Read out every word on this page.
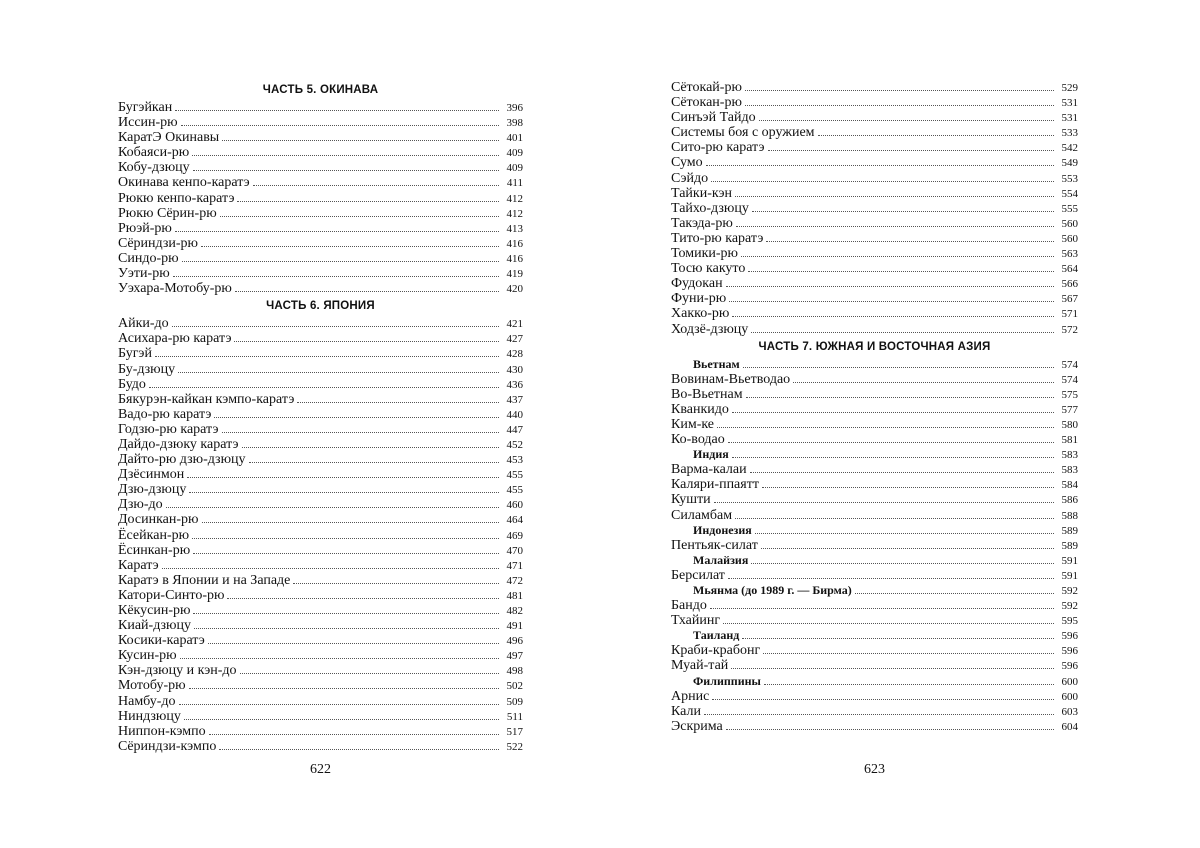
ЧАСТЬ 5. ОКИНАВА
Бугэйкан	396
Иссин-рю	398
КаратЭ Окинавы	401
Кобаяси-рю	409
Кобу-дзюцу	409
Окинава кенпо-каратэ	411
Рюкю кенпо-каратэ	412
Рюкю Сёрин-рю	412
Рюэй-рю	413
Сёриндзи-рю	416
Синдо-рю	416
Уэти-рю	419
Уэхара-Мотобу-рю	420
ЧАСТЬ 6. ЯПОНИЯ
Айки-до	421
Асихара-рю каратэ	427
Бугэй	428
Бу-дзюцу	430
Будо	436
Бякурэн-кайкан кэмпо-каратэ	437
Вадо-рю каратэ	440
Годзю-рю каратэ	447
Дайдо-дзюку каратэ	452
Дайто-рю дзю-дзюцу	453
Дзёсинмон	455
Дзю-дзюцу	455
Дзю-до	460
Досинкан-рю	464
Ёсейкан-рю	469
Ёсинкан-рю	470
Каратэ	471
Каратэ в Японии и на Западе	472
Катори-Синто-рю	481
Кёкусин-рю	482
Киай-дзюцу	491
Косики-каратэ	496
Кусин-рю	497
Кэн-дзюцу и кэн-до	498
Мотобу-рю	502
Намбу-до	509
Ниндзюцу	511
Ниппон-кэмпо	517
Сёриндзи-кэмпо	522
622
Сётокай-рю	529
Сётокан-рю	531
Синъэй Тайдо	531
Системы боя с оружием	533
Сито-рю каратэ	542
Сумо	549
Сэйдо	553
Тайки-кэн	554
Тайхо-дзюцу	555
Такэда-рю	560
Тито-рю каратэ	560
Томики-рю	563
Тосю какуто	564
Фудокан	566
Фуни-рю	567
Хакко-рю	571
Ходзё-дзюцу	572
ЧАСТЬ 7. ЮЖНАЯ И ВОСТОЧНАЯ АЗИЯ
Вьетнам	574
Вовинам-Вьетводао	574
Во-Вьетнам	575
Кванкидо	577
Ким-ке	580
Ко-водао	581
Индия	583
Варма-калаи	583
Каляри-ппаятт	584
Кушти	586
Силамбам	588
Индонезия	589
Пентьяк-силат	589
Малайзия	591
Берсилат	591
Мьянма (до 1989 г. — Бирма)	592
Бандо	592
Тхайинг	595
Таиланд	596
Краби-крабонг	596
Муай-тай	596
Филиппины	600
Арнис	600
Кали	603
Эскрима	604
623
